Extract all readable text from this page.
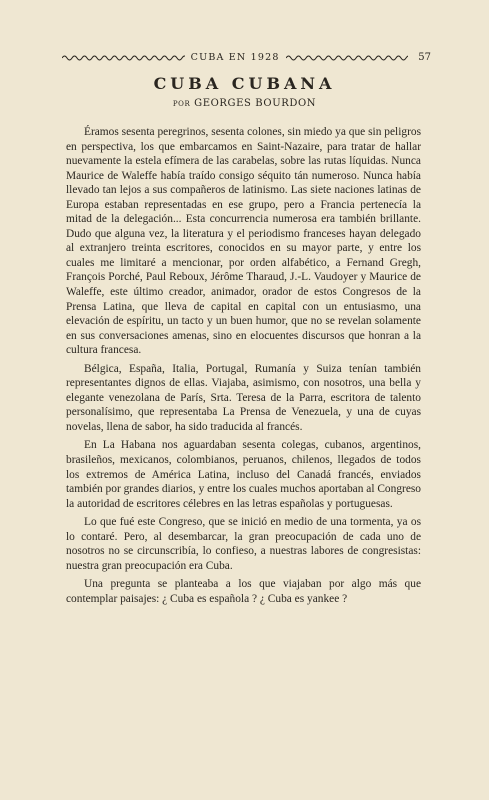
CUBA EN 1928	57
CUBA CUBANA
por GEORGES BOURDON

Éramos sesenta peregrinos, sesenta colones, sin miedo ya que sin peligros en perspectiva, los que embarcamos en Saint-Nazaire, para tratar de hallar nuevamente la estela efímera de las carabelas, sobre las rutas líquidas. Nunca Maurice de Waleffe había traído consigo séquito tán numeroso. Nunca había llevado tan lejos a sus compañeros de latinismo. Las siete naciones latinas de Europa estaban representadas en ese grupo, pero a Francia pertenecía la mitad de la delegación... Esta concurrencia numerosa era también brillante. Dudo que alguna vez, la literatura y el periodismo franceses hayan delegado al extranjero treinta escritores, conocidos en su mayor parte, y entre los cuales me limitaré a mencionar, por orden alfabético, a Fernand Gregh, François Porché, Paul Reboux, Jérôme Tharaud, J.-L. Vaudoyer y Maurice de Waleffe, este último creador, animador, orador de estos Congresos de la Prensa Latina, que lleva de capital en capital con un entusiasmo, una elevación de espíritu, un tacto y un buen humor, que no se revelan solamente en sus conversaciones amenas, sino en elocuentes discursos que honran a la cultura francesa.

Bélgica, España, Italia, Portugal, Rumanía y Suiza tenían también representantes dignos de ellas. Viajaba, asimismo, con nosotros, una bella y elegante venezolana de París, Srta. Teresa de la Parra, escritora de talento personalísimo, que representaba La Prensa de Venezuela, y una de cuyas novelas, llena de sabor, ha sido traducida al francés.

En La Habana nos aguardaban sesenta colegas, cubanos, argentinos, brasileños, mexicanos, colombianos, peruanos, chilenos, llegados de todos los extremos de América Latina, incluso del Canadá francés, enviados también por grandes diarios, y entre los cuales muchos aportaban al Congreso la autoridad de escritores célebres en las letras españolas y portuguesas.

Lo que fué este Congreso, que se inició en medio de una tormenta, ya os lo contaré. Pero, al desembarcar, la gran preocupación de cada uno de nosotros no se circunscribía, lo confieso, a nuestras labores de congresistas: nuestra gran preocupación era Cuba.

Una pregunta se planteaba a los que viajaban por algo más que contemplar paisajes: ¿ Cuba es española ? ¿ Cuba es yankee ?
